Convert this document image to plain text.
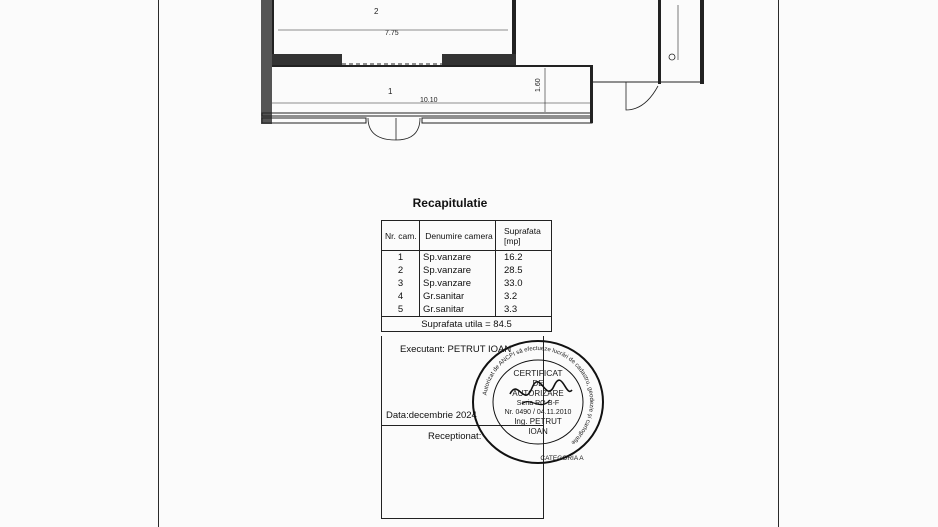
7.75
2
10.10
1	1.60
Recapitulatie
Nr. cam.	Denumire camera	Suprafata [mp]
1	Sp.vanzare	16.2
2	Sp.vanzare	28.5
3	Sp.vanzare	33.0
4	Gr.sanitar	3.2
5	Gr.sanitar	3.3
Suprafata utila = 84.5		
Executant: PETRUT IOAN
Data:decembrie 2024
Receptionat:
Autorizat de ANCPI să efectueze lucrări de cadastru, geodezie și cartografie
CERTIFICAT
DE
AUTORIZARE
Seria RO-B-F
Nr. 0490 / 04.11.2010
Ing. PETRUT
IOAN
CATEGORIA A
